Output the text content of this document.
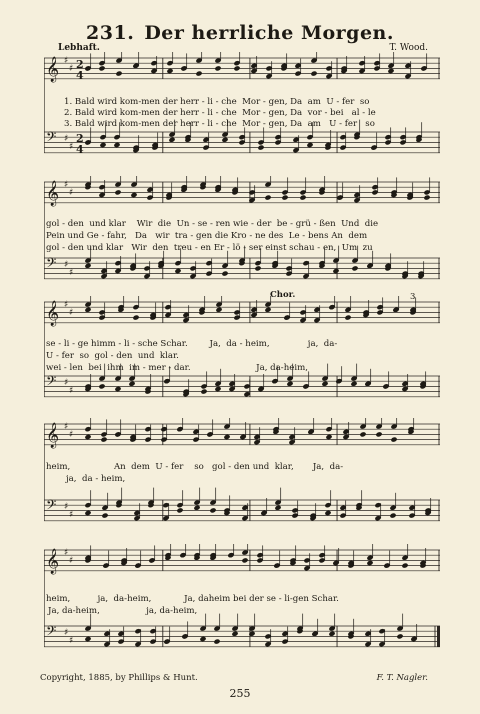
231. Der herrliche Morgen.
Lebhaft.	T. Wood.
𝄞 ♯
♯ 2
4
𝄢 ♯
♯
2
4
1. Bald wird kom-men der herr - li - che  Mor - gen, Da  am  U - fer  so
2. Bald wird kom-men der herr - li - che  Mor - gen, Da  vor - bei   al - le
3. Bald wird kom-men der herr - li - che  Mor - gen, Da  am   U - fer   so
𝄞 ♯
♯
𝄢 ♯
♯
gol - den  und klar    Wir  die  Un - se - ren wie - der  be - grü - ßen  Und  die
Pein und Ge - fahr,   Da   wir  tra - gen die Kro - ne des  Le - bens An  dem
gol - den und klar   Wir  den  treu - en Er - lö - ser einst schau - en,  Um  zu
𝄞 ♯
♯
𝄢 ♯
♯
Chor.	3
se - li - ge himm - li - sche Schar.        Ja,  da - heim,              ja,  da-
U - fer  so  gol - den  und  klar.
wei - len  bei  ihm  im - mer - dar.                        Ja, da-heim,
𝄞 ♯
♯
𝄢 ♯
♯
heim,                An  dem  U - fer    so   gol - den und  klar,       Ja,  da-
ja,  da - heim,
𝄞 ♯
♯
𝄢 ♯
♯
heim,          ja,  da-heim,            Ja, daheim bei der se - li-gen Schar.
Ja, da-heim,                 ja, da-heim,
Copyright, 1885, by Phillips & Hunt.	F. T. Nagler.
255
